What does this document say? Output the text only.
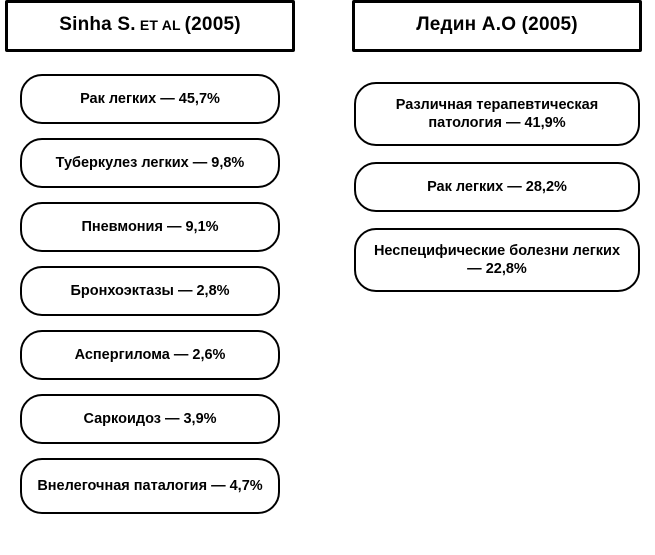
Sinha S. ET AL (2005)
Рак легких — 45,7%
Туберкулез легких — 9,8%
Пневмония — 9,1%
Бронхоэктазы — 2,8%
Аспергилома — 2,6%
Саркоидоз — 3,9%
Внелегочная паталогия — 4,7%
Ледин А.О (2005)
Различная терапевтическая патология — 41,9%
Рак легких — 28,2%
Неспецифические болезни легких — 22,8%
